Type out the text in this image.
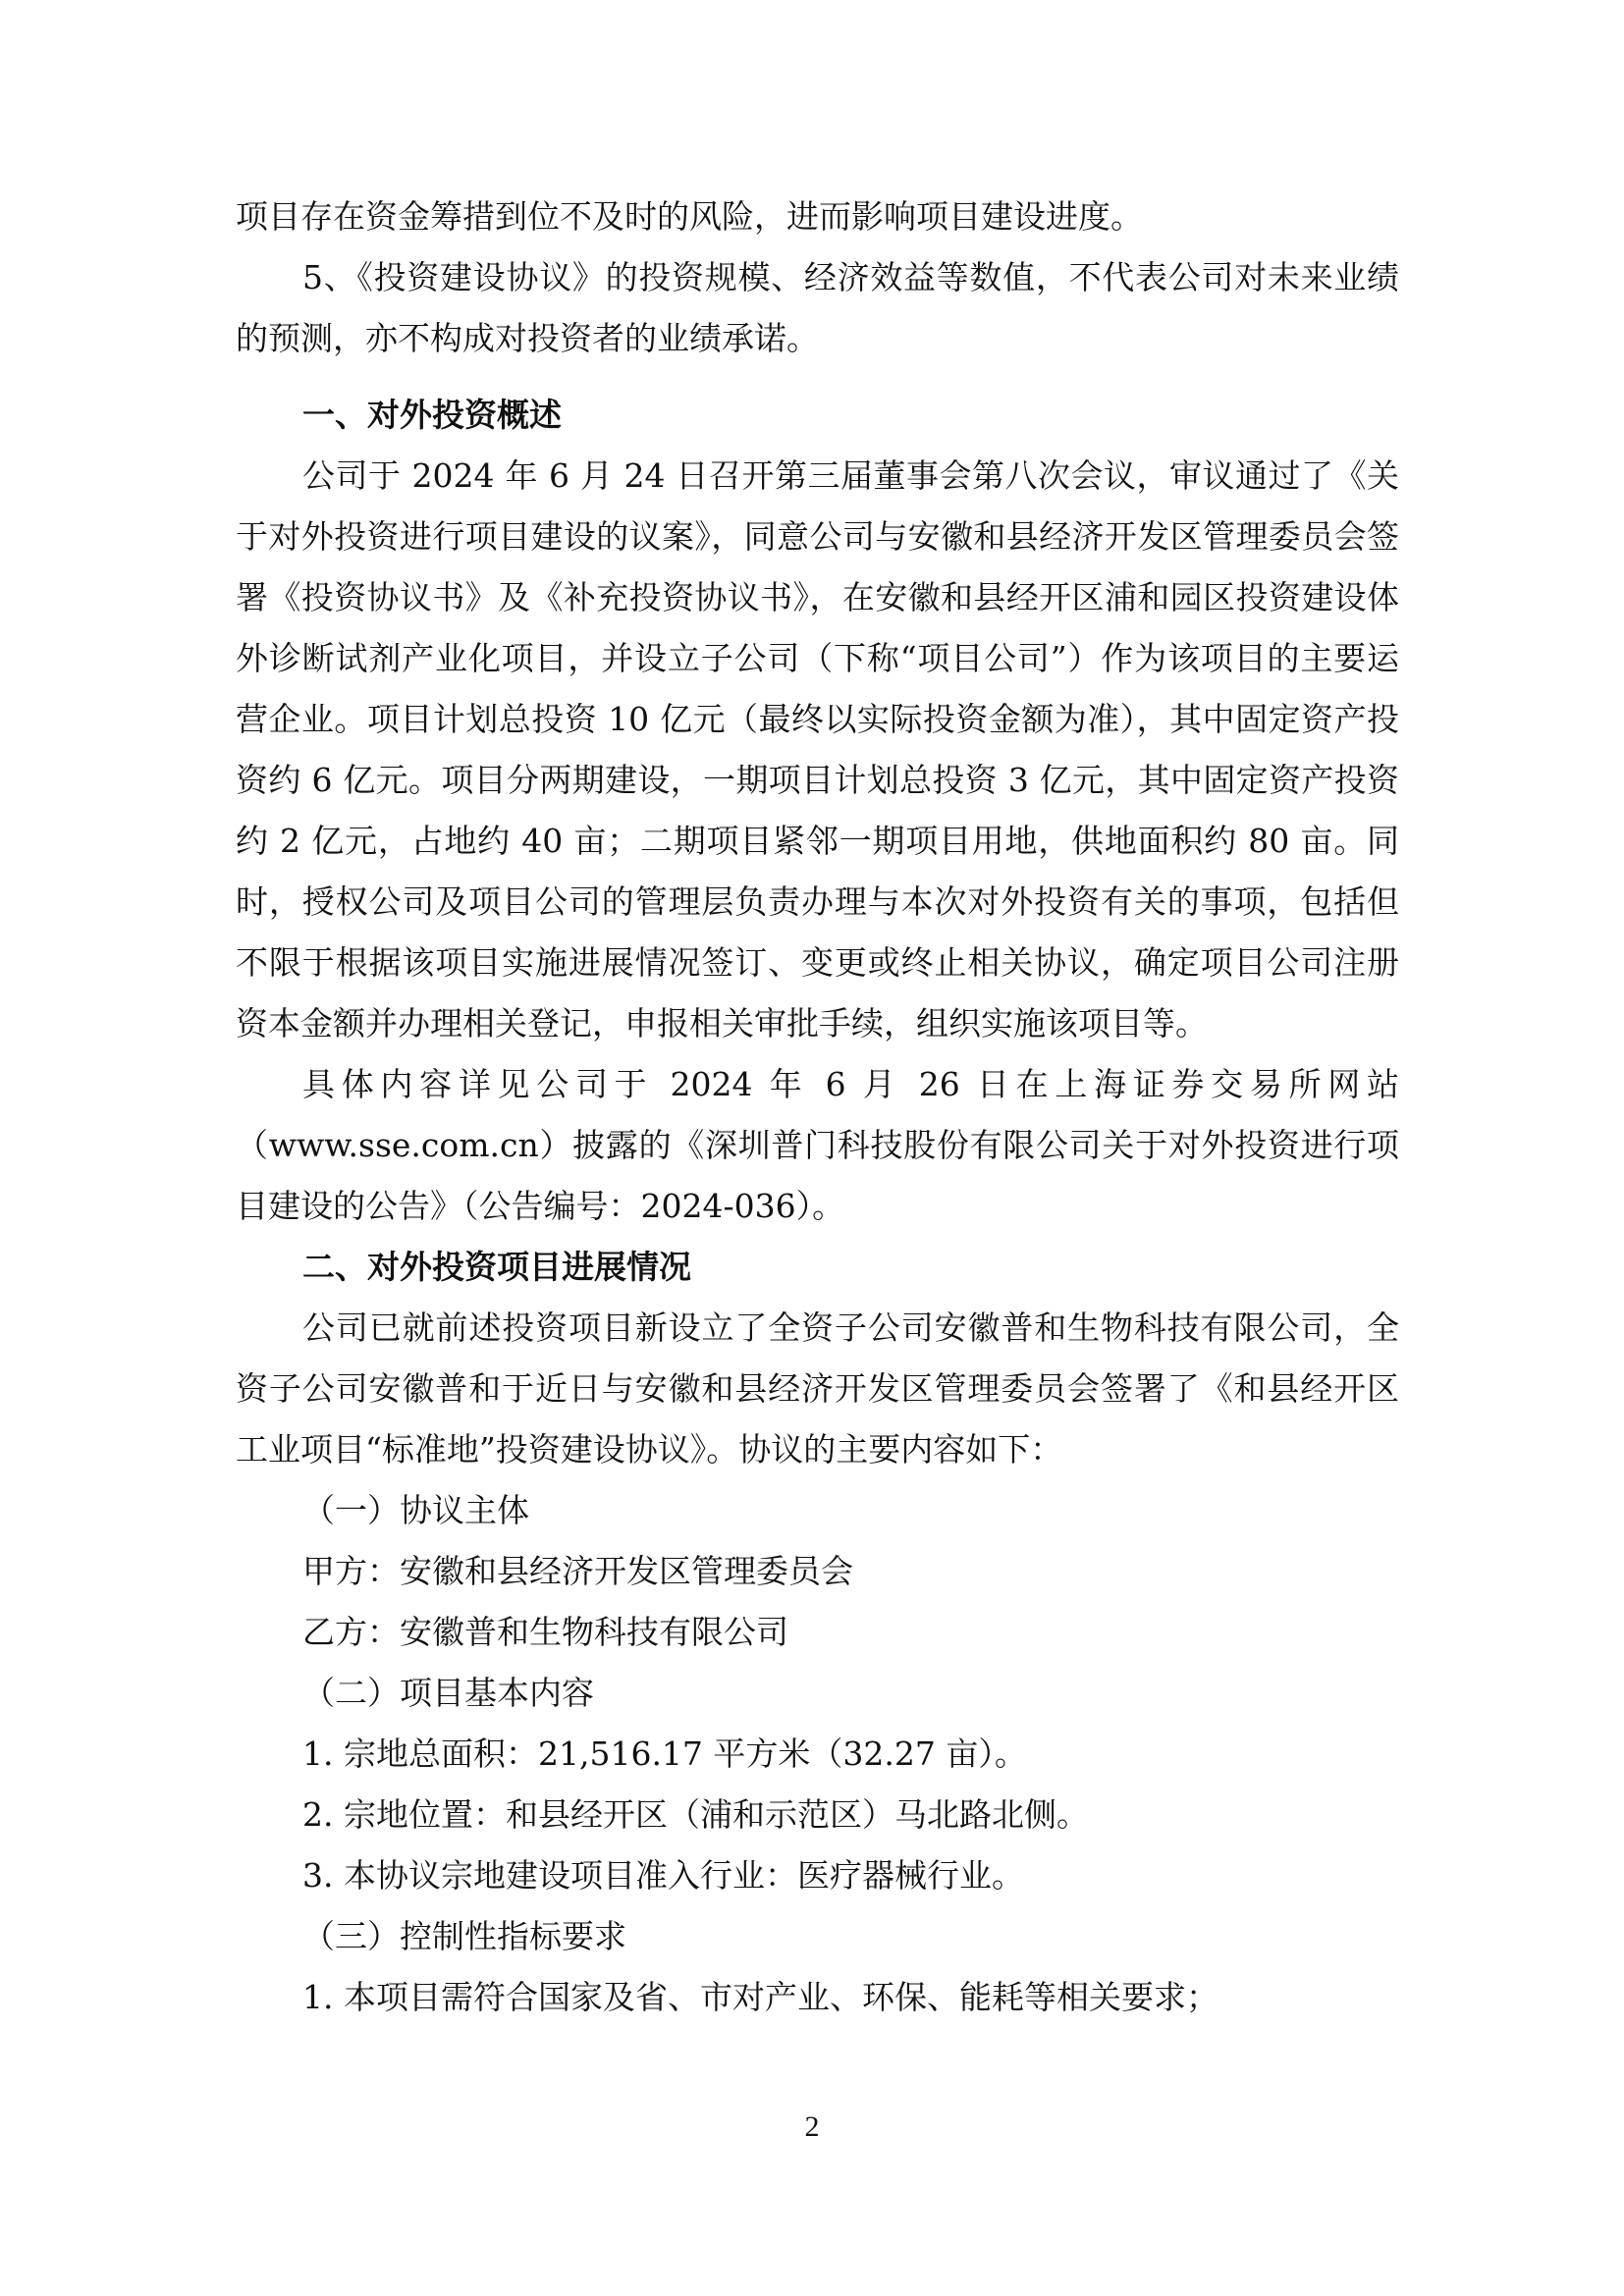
项目存在资金筹措到位不及时的风险，进而影响项目建设进度。

5、《投资建设协议》的投资规模、经济效益等数值，不代表公司对未来业绩的预测，亦不构成对投资者的业绩承诺。

一、对外投资概述

公司于 2024 年 6 月 24 日召开第三届董事会第八次会议，审议通过了《关于对外投资进行项目建设的议案》，同意公司与安徽和县经济开发区管理委员会签署《投资协议书》及《补充投资协议书》，在安徽和县经开区浦和园区投资建设体外诊断试剂产业化项目，并设立子公司（下称“项目公司”）作为该项目的主要运营企业。项目计划总投资 10 亿元（最终以实际投资金额为准），其中固定资产投资约 6 亿元。项目分两期建设，一期项目计划总投资 3 亿元，其中固定资产投资约 2 亿元，占地约 40 亩；二期项目紧邻一期项目用地，供地面积约 80 亩。同时，授权公司及项目公司的管理层负责办理与本次对外投资有关的事项，包括但不限于根据该项目实施进展情况签订、变更或终止相关协议，确定项目公司注册资本金额并办理相关登记，申报相关审批手续，组织实施该项目等。

具体内容详见公司于 2024 年 6 月 26 日在上海证券交易所网站（www.sse.com.cn）披露的《深圳普门科技股份有限公司关于对外投资进行项目建设的公告》（公告编号：2024-036）。

二、对外投资项目进展情况

公司已就前述投资项目新设立了全资子公司安徽普和生物科技有限公司，全资子公司安徽普和于近日与安徽和县经济开发区管理委员会签署了《和县经开区工业项目“标准地”投资建设协议》。协议的主要内容如下：

（一）协议主体

甲方：安徽和县经济开发区管理委员会

乙方：安徽普和生物科技有限公司

（二）项目基本内容

1. 宗地总面积：21,516.17 平方米（32.27 亩）。

2. 宗地位置：和县经开区（浦和示范区）马北路北侧。

3. 本协议宗地建设项目准入行业：医疗器械行业。

（三）控制性指标要求

1. 本项目需符合国家及省、市对产业、环保、能耗等相关要求；

2
